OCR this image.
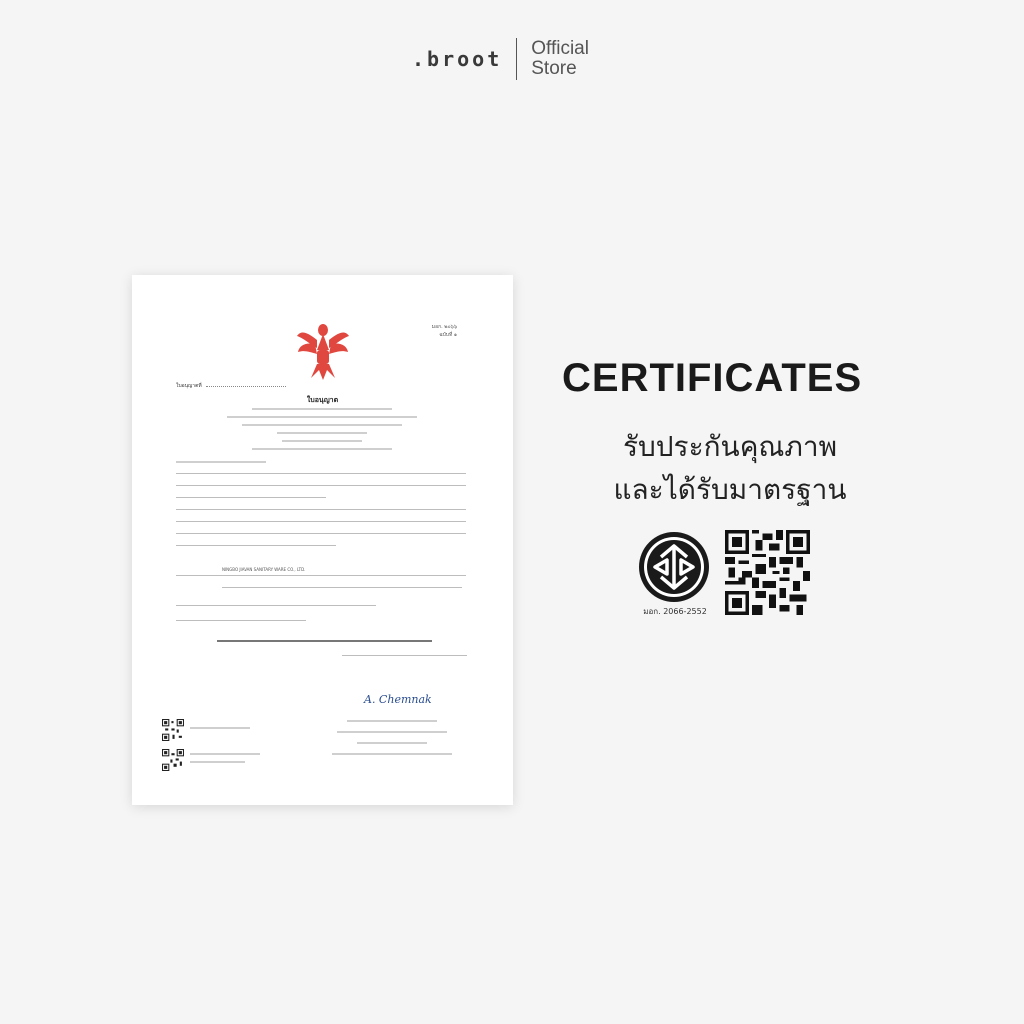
.broot Official
Store
มอก. ๒๐๖๖
ฉบับที่ ๑
ใบอนุญาตที่
ใบอนุญาต
NINGBO JIAVAN SANITARY WARE CO., LTD.
A. Chemnak
CERTIFICATES
รับประกันคุณภาพ
และได้รับมาตรฐาน
มอก. 2066-2552
